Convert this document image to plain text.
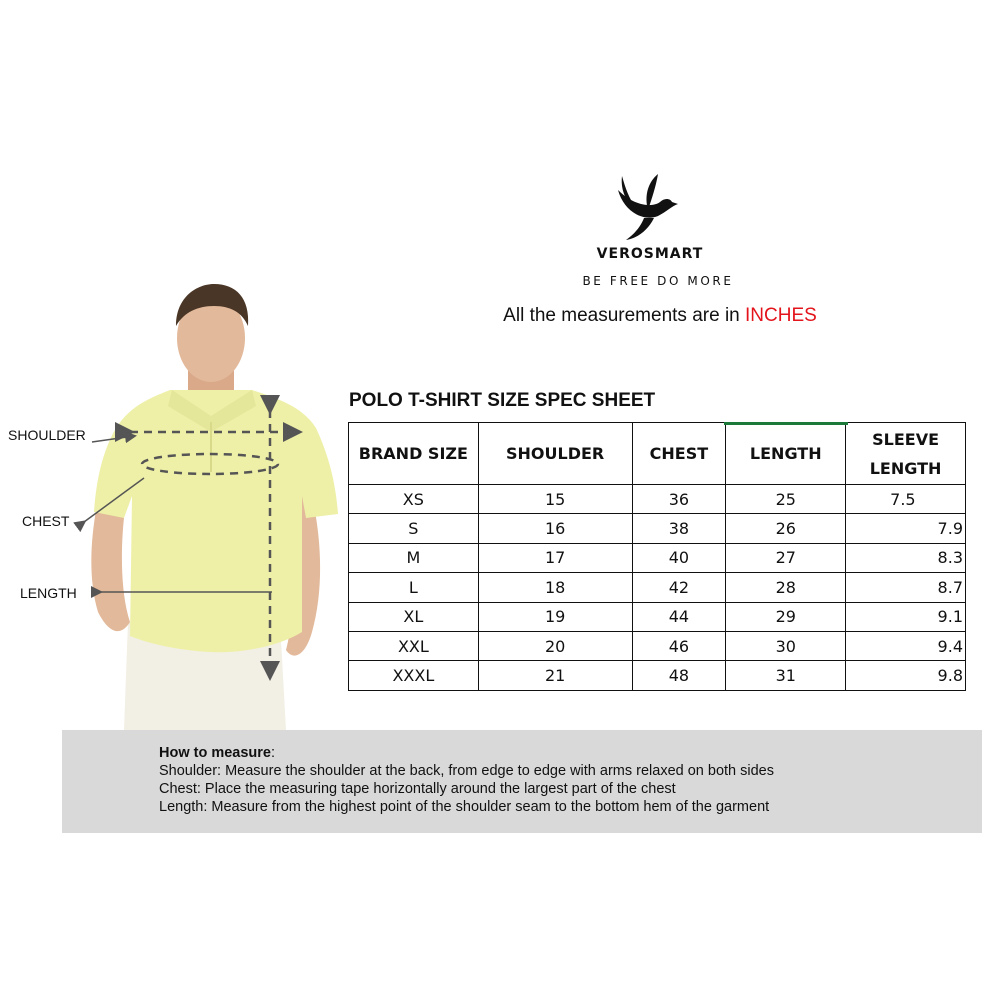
VEROSMART
BE FREE DO MORE
All the measurements are in INCHES
POLO T-SHIRT SIZE SPEC SHEET
BRAND SIZE	SHOULDER	CHEST	LENGTH	SLEEVE
LENGTH
XS	15	36	25	7.5
S	16	38	26	7.9
M	17	40	27	8.3
L	18	42	28	8.7
XL	19	44	29	9.1
XXL	20	46	30	9.4
XXXL	21	48	31	9.8
SHOULDER
CHEST
LENGTH
How to measure:
Shoulder: Measure the shoulder at the back, from edge to edge with arms relaxed on both sides
Chest: Place the measuring tape horizontally around the largest part of the chest
Length: Measure from the highest point of the shoulder seam to the bottom hem of the garment
